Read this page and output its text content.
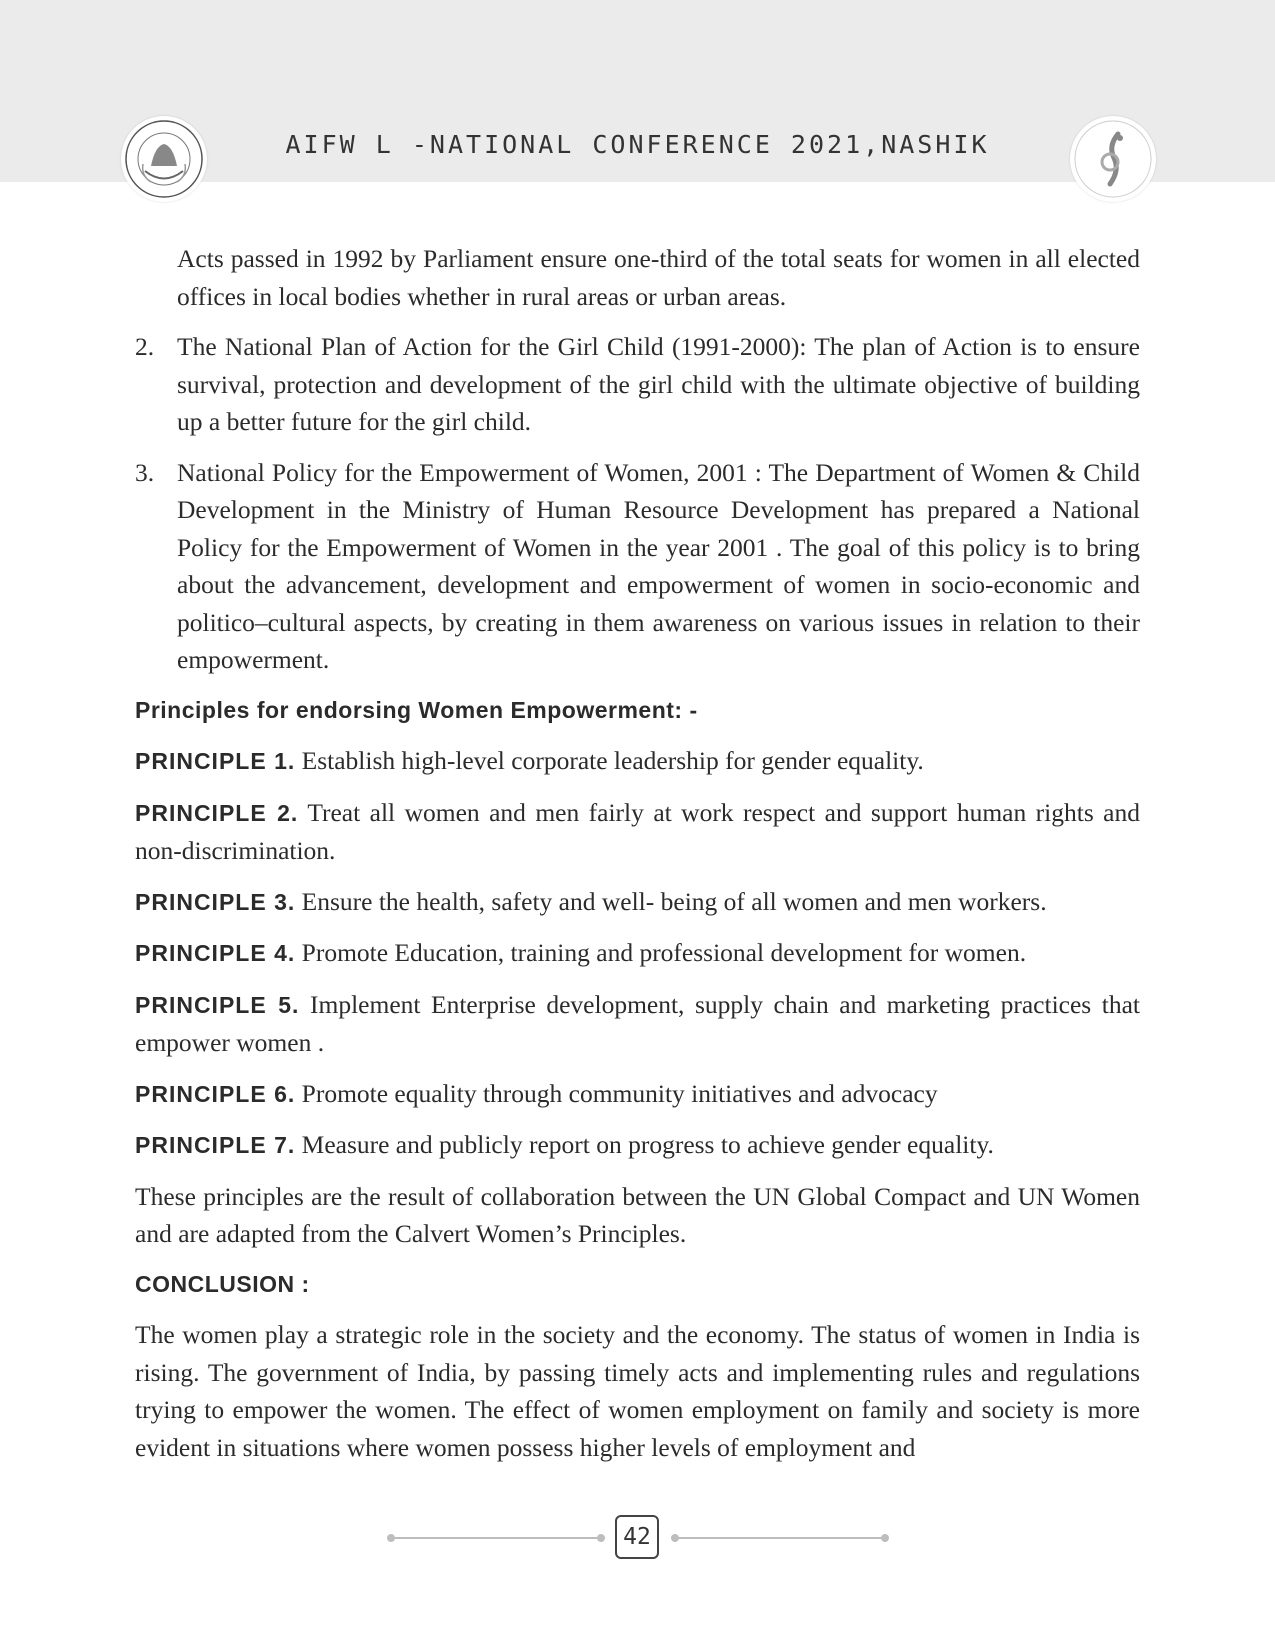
AIFW L -NATIONAL CONFERENCE 2021,NASHIK

Acts passed in 1992 by Parliament ensure one-third of the total seats for women in all elected offices in local bodies whether in rural areas or urban areas.

2. The National Plan of Action for the Girl Child (1991-2000): The plan of Action is to ensure survival, protection and development of the girl child with the ultimate objective of building up a better future for the girl child.
3. National Policy for the Empowerment of Women, 2001 : The Department of Women & Child Development in the Ministry of Human Resource Development has prepared a National Policy for the Empowerment of Women in the year 2001 . The goal of this policy is to bring about the advancement, development and empowerment of women in socio-economic and politico–cultural aspects, by creating in them awareness on various issues in relation to their empowerment.

Principles for endorsing Women Empowerment: -

PRINCIPLE 1. Establish high-level corporate leadership for gender equality.

PRINCIPLE 2. Treat all women and men fairly at work respect and support human rights and non-discrimination.

PRINCIPLE 3. Ensure the health, safety and well- being of all women and men workers.

PRINCIPLE 4. Promote Education, training and professional development for women.

PRINCIPLE 5. Implement Enterprise development, supply chain and marketing practices that empower women .

PRINCIPLE 6. Promote equality through community initiatives and advocacy

PRINCIPLE 7. Measure and publicly report on progress to achieve gender equality.

These principles are the result of collaboration between the UN Global Compact and UN Women and are adapted from the Calvert Women’s Principles.

CONCLUSION :

The women play a strategic role in the society and the economy. The status of women in India is rising. The government of India, by passing timely acts and implementing rules and regulations trying to empower the women. The effect of women employment on family and society is more evident in situations where women possess higher levels of employment and

42
